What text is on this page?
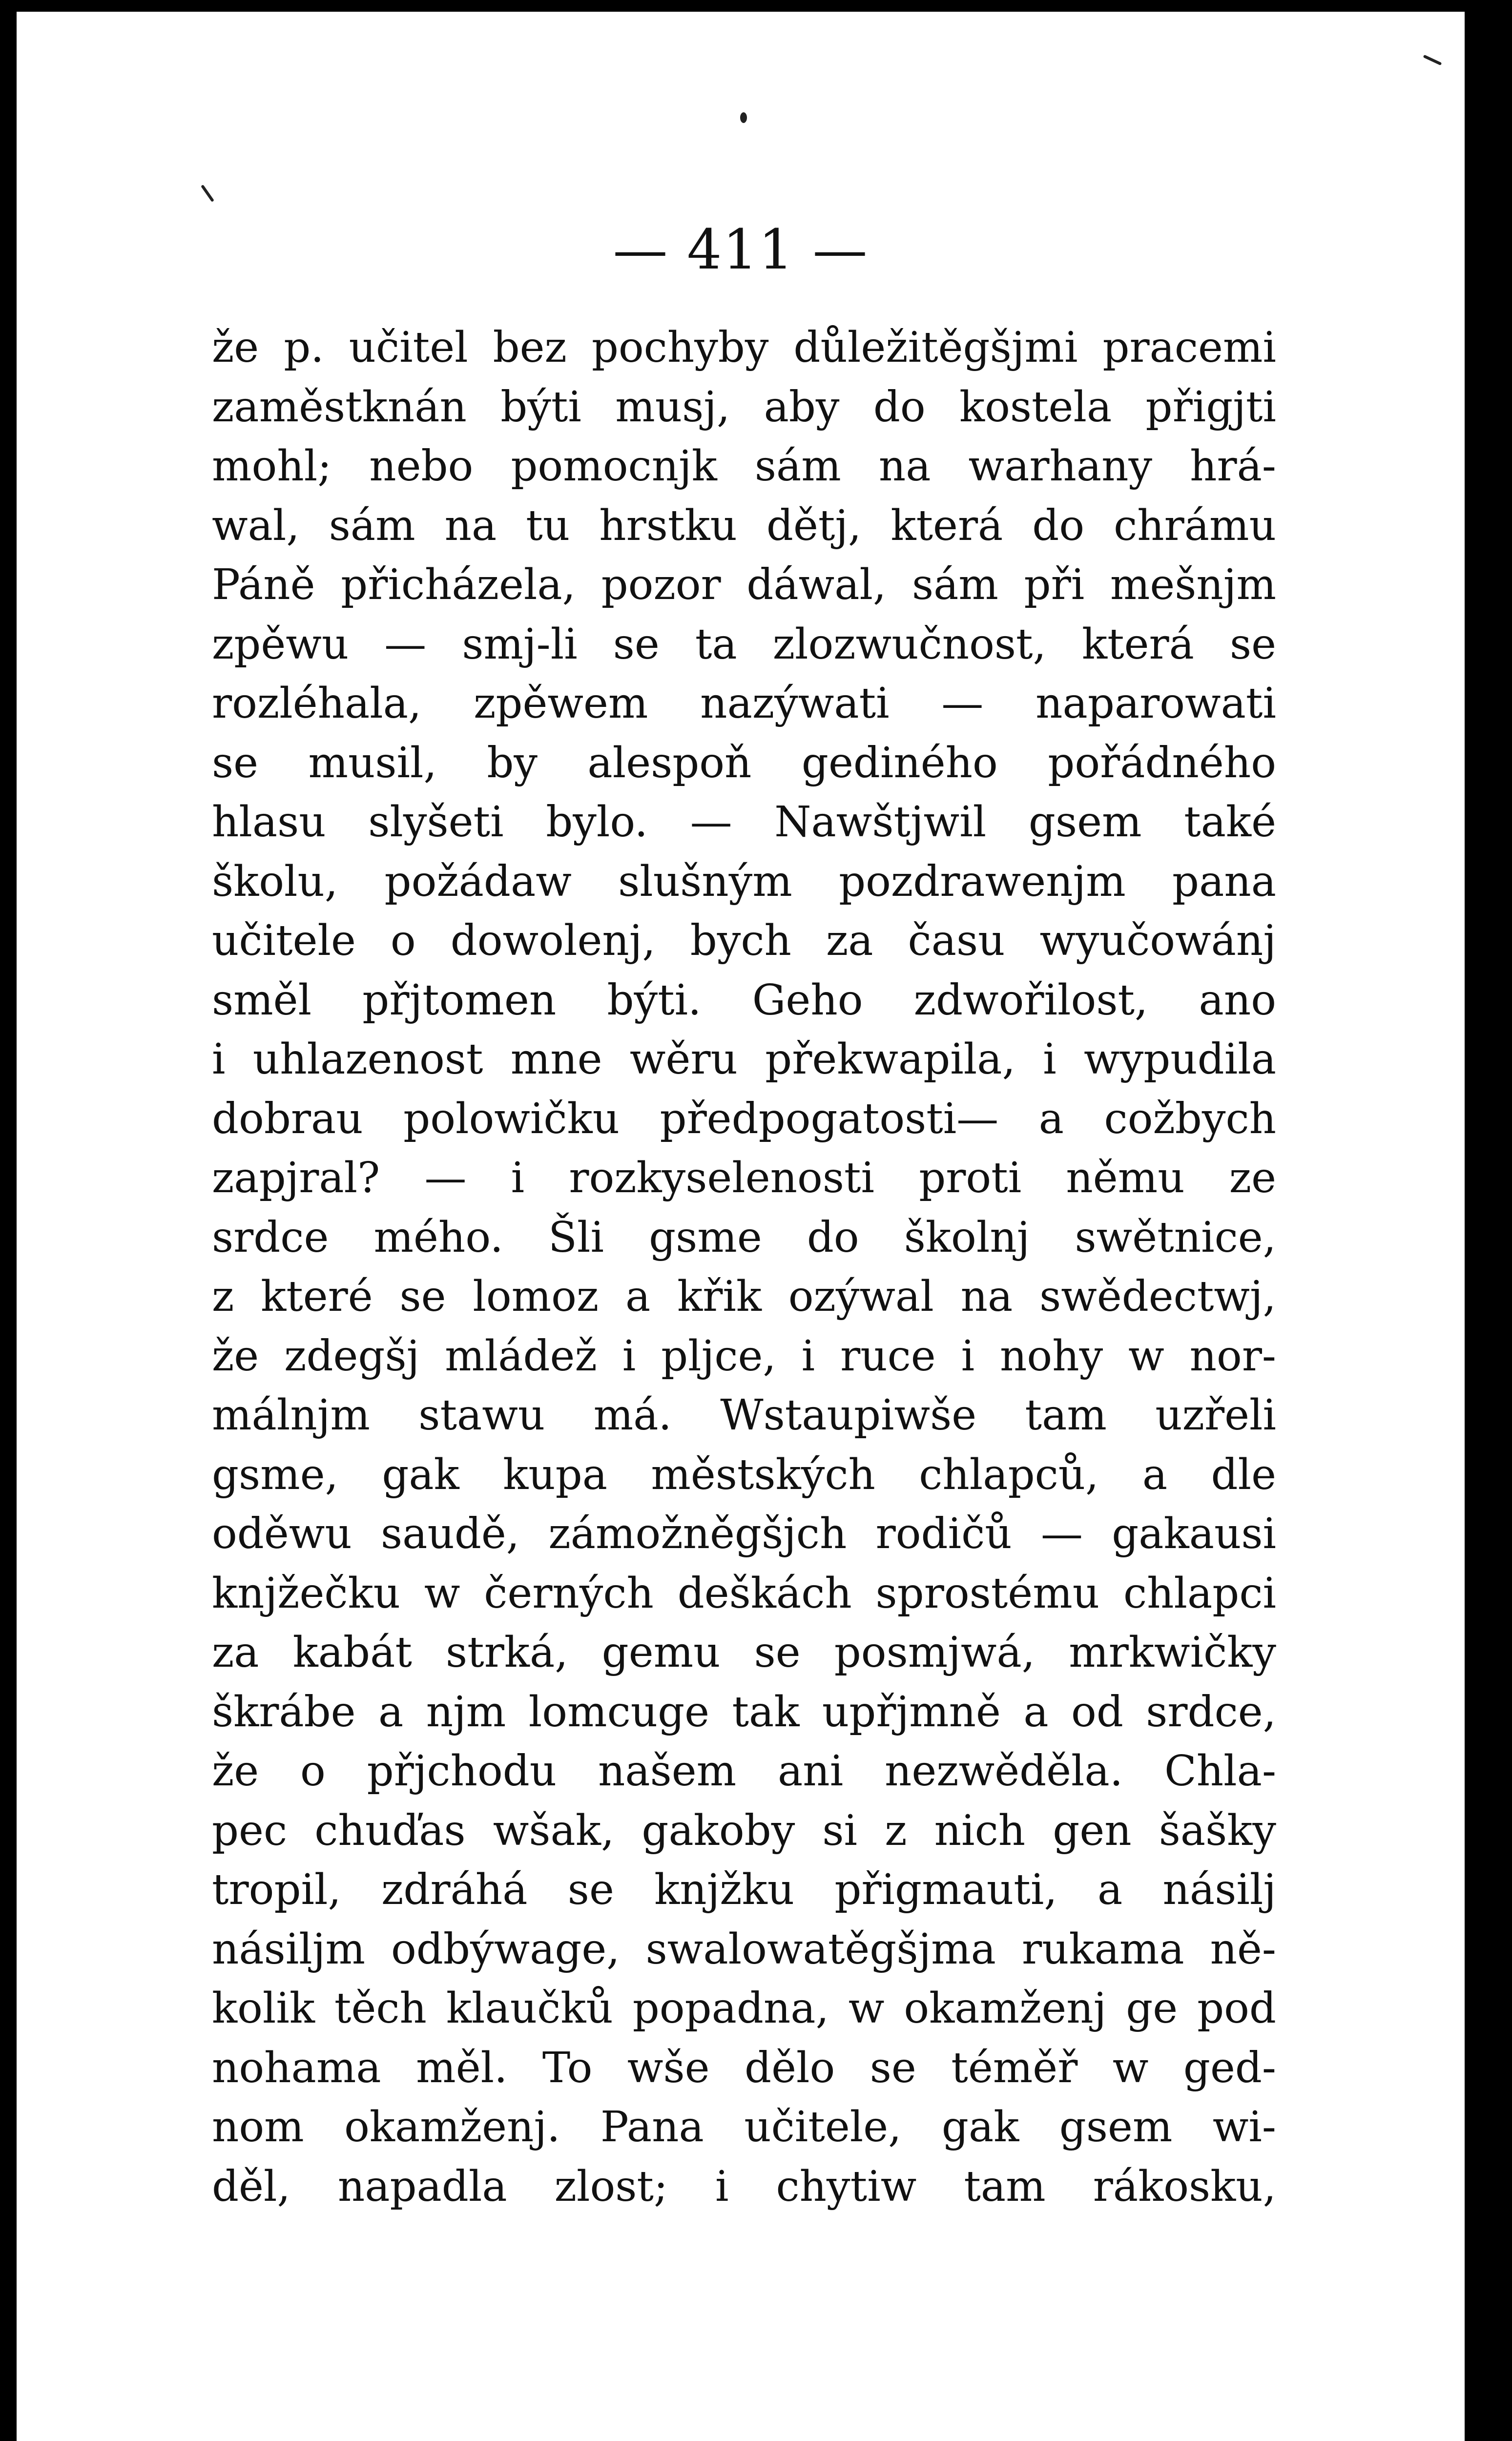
— 411 —
že p. učitel bez pochyby důležitěgšjmi pracemi
zaměstknán býti musj, aby do kostela přigjti
mohl; nebo pomocnjk sám na warhany hrá-
wal, sám na tu hrstku dětj, která do chrámu
Páně přicházela, pozor dáwal, sám při mešnjm
zpěwu — smj-li se ta zlozwučnost, která se
rozléhala, zpěwem nazýwati — naparowati
se musil, by alespoň gediného pořádného
hlasu slyšeti bylo. — Nawštjwil gsem také
školu, požádaw slušným pozdrawenjm pana
učitele o dowolenj, bych za času wyučowánj
směl přjtomen býti. Geho zdwořilost, ano
i uhlazenost mne wěru překwapila, i wypudila
dobrau polowičku předpogatosti— a cožbych
zapjral? — i rozkyselenosti proti němu ze
srdce mého. Šli gsme do školnj swětnice,
z které se lomoz a křik ozýwal na swědectwj,
že zdegšj mládež i pljce, i ruce i nohy w nor-
málnjm stawu má. Wstaupiwše tam uzřeli
gsme, gak kupa městských chlapců, a dle
oděwu saudě, zámožněgšjch rodičů — gakausi
knjžečku w černých deškách sprostému chlapci
za kabát strká, gemu se posmjwá, mrkwičky
škrábe a njm lomcuge tak upřjmně a od srdce,
že o přjchodu našem ani nezwěděla. Chla-
pec chuďas wšak, gakoby si z nich gen šašky
tropil, zdráhá se knjžku přigmauti, a násilj
násiljm odbýwage, swalowatěgšjma rukama ně-
kolik těch klaučků popadna, w okamženj ge pod
nohama měl. To wše dělo se téměř w ged-
nom okamženj. Pana učitele, gak gsem wi-
děl, napadla zlost; i chytiw tam rákosku,
